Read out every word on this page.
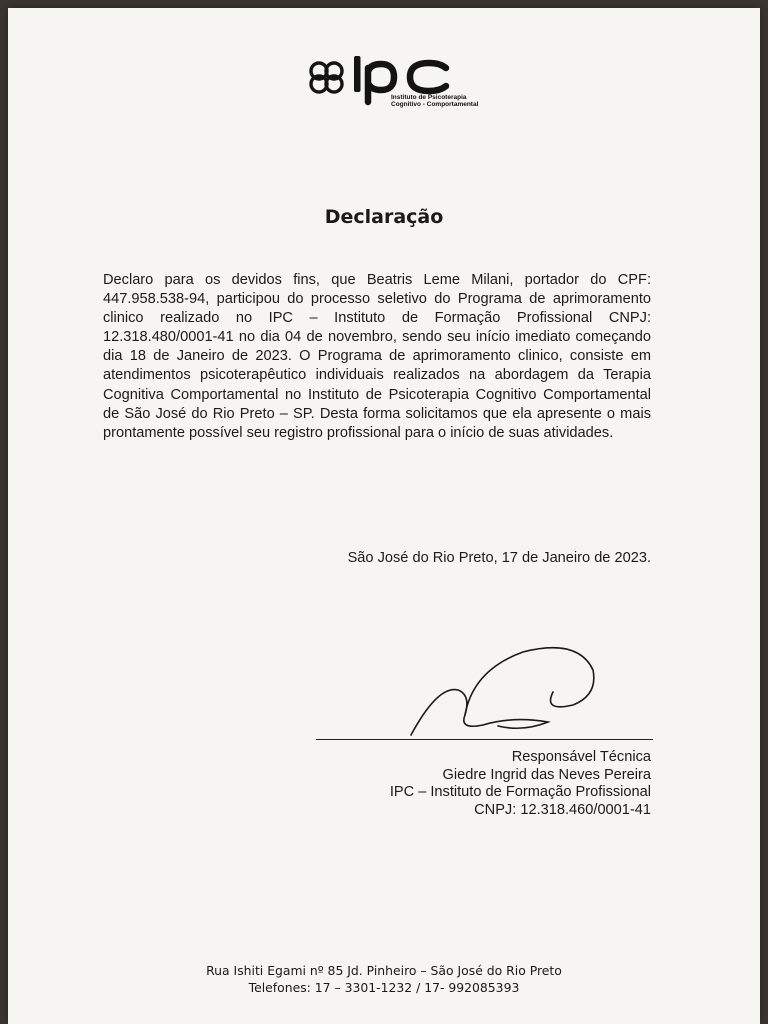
Instituto de Psicoterapia
Cognitivo - Comportamental
Declaração
Declaro para os devidos fins, que Beatris Leme Milani, portador do CPF: 447.958.538-94, participou do processo seletivo do Programa de aprimoramento clinico realizado no IPC – Instituto de Formação Profissional CNPJ: 12.318.480/0001-41 no dia 04 de novembro, sendo seu início imediato começando dia 18 de Janeiro de 2023. O Programa de aprimoramento clinico, consiste em atendimentos psicoterapêutico individuais realizados na abordagem da Terapia Cognitiva Comportamental no Instituto de Psicoterapia Cognitivo Comportamental de São José do Rio Preto – SP. Desta forma solicitamos que ela apresente o mais prontamente possível seu registro profissional para o início de suas atividades.
São José do Rio Preto, 17 de Janeiro de 2023.
Responsável Técnica
Giedre Ingrid das Neves Pereira
IPC – Instituto de Formação Profissional
CNPJ: 12.318.460/0001-41
Rua Ishiti Egami nº 85 Jd. Pinheiro – São José do Rio Preto
Telefones: 17 – 3301-1232 / 17- 992085393
